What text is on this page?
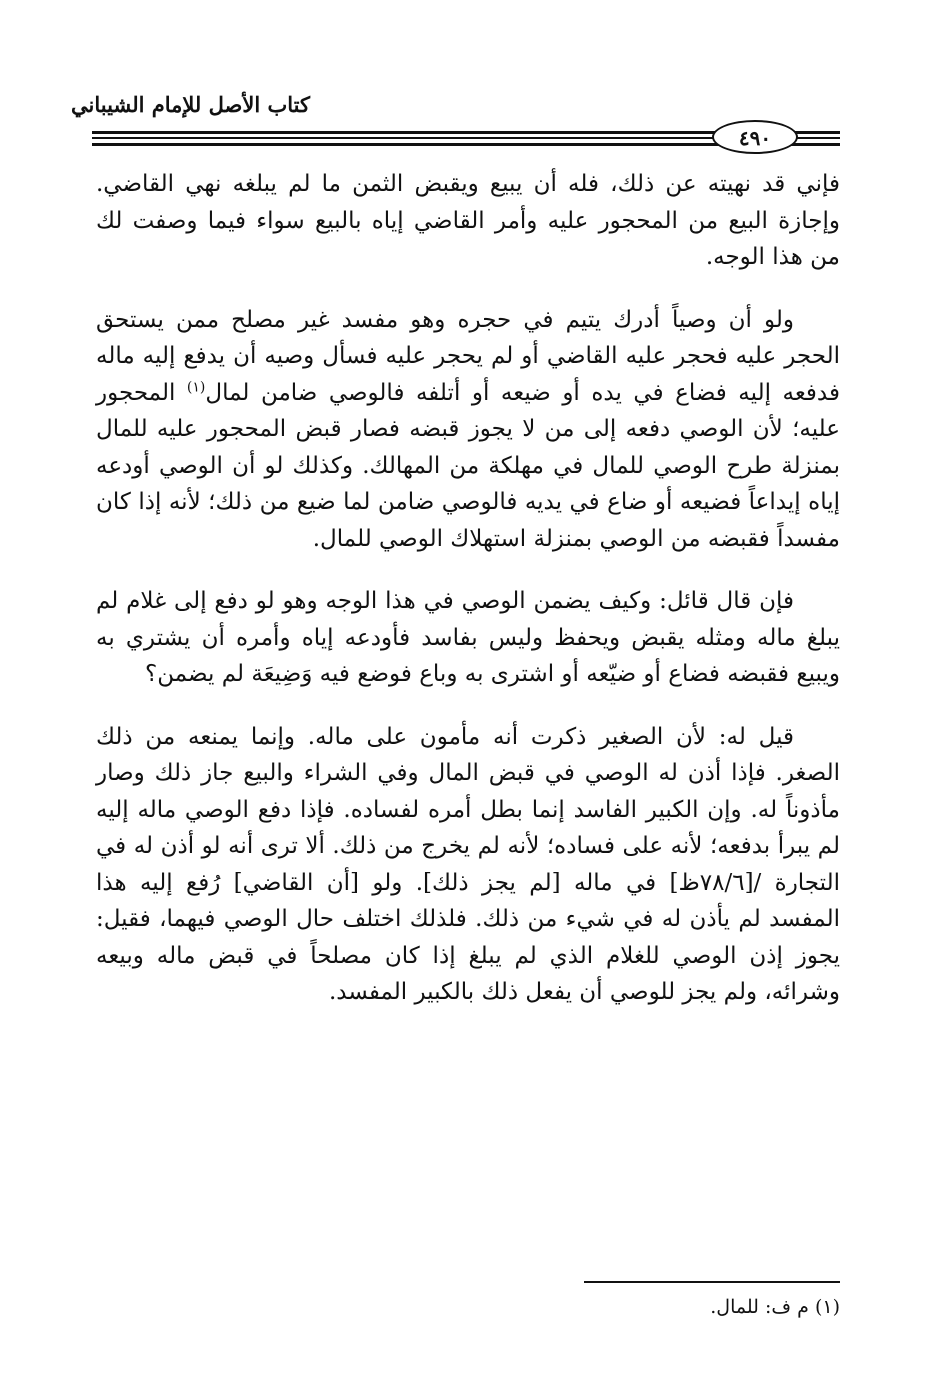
كتاب الأصل للإمام الشيباني
٤٩٠

فإني قد نهيته عن ذلك، فله أن يبيع ويقبض الثمن ما لم يبلغه نهي القاضي. وإجازة البيع من المحجور عليه وأمر القاضي إياه بالبيع سواء فيما وصفت لك من هذا الوجه.

ولو أن وصياً أدرك يتيم في حجره وهو مفسد غير مصلح ممن يستحق الحجر عليه فحجر عليه القاضي أو لم يحجر عليه فسأل وصيه أن يدفع إليه ماله فدفعه إليه فضاع في يده أو ضيعه أو أتلفه فالوصي ضامن لمال$^{(١)}$ المحجور عليه؛ لأن الوصي دفعه إلى من لا يجوز قبضه فصار قبض المحجور عليه للمال بمنزلة طرح الوصي للمال في مهلكة من المهالك. وكذلك لو أن الوصي أودعه إياه إيداعاً فضيعه أو ضاع في يديه فالوصي ضامن لما ضيع من ذلك؛ لأنه إذا كان مفسداً فقبضه من الوصي بمنزلة استهلاك الوصي للمال.

فإن قال قائل: وكيف يضمن الوصي في هذا الوجه وهو لو دفع إلى غلام لم يبلغ ماله ومثله يقبض ويحفظ وليس بفاسد فأودعه إياه وأمره أن يشتري به ويبيع فقبضه فضاع أو ضيّعه أو اشترى به وباع فوضع فيه وَضِيعَة لم يضمن؟

قيل له: لأن الصغير ذكرت أنه مأمون على ماله. وإنما يمنعه من ذلك الصغر. فإذا أذن له الوصي في قبض المال وفي الشراء والبيع جاز ذلك وصار مأذوناً له. وإن الكبير الفاسد إنما بطل أمره لفساده. فإذا دفع الوصي ماله إليه لم يبرأ بدفعه؛ لأنه على فساده؛ لأنه لم يخرج من ذلك. ألا ترى أنه لو أذن له في التجارة /[٧٨/٦ظ] في ماله [لم يجز ذلك]. ولو [أن القاضي] رُفع إليه هذا المفسد لم يأذن له في شيء من ذلك. فلذلك اختلف حال الوصي فيهما، فقيل: يجوز إذن الوصي للغلام الذي لم يبلغ إذا كان مصلحاً في قبض ماله وبيعه وشرائه، ولم يجز للوصي أن يفعل ذلك بالكبير المفسد.

(١) م ف: للمال.
